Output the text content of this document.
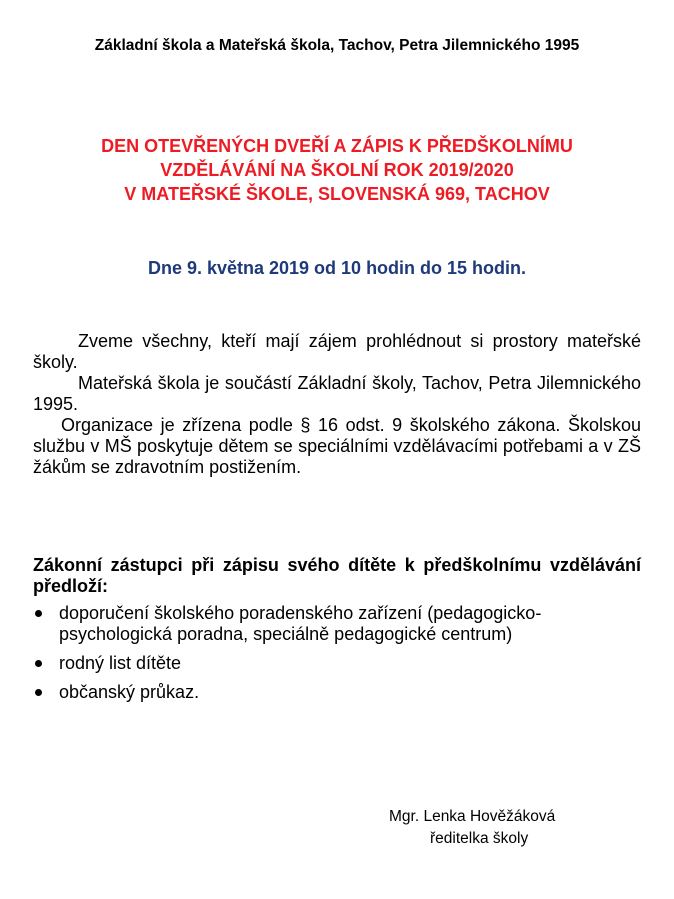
Základní škola a Mateřská škola, Tachov, Petra Jilemnického 1995
DEN OTEVŘENÝCH DVEŘÍ A ZÁPIS K PŘEDŠKOLNÍMU
VZDĚLÁVÁNÍ NA ŠKOLNÍ ROK 2019/2020
V MATEŘSKÉ ŠKOLE, SLOVENSKÁ 969, TACHOV
Dne 9. května 2019 od 10 hodin do 15 hodin.

Zveme všechny, kteří mají zájem prohlédnout si prostory mateřské školy.

Mateřská škola je součástí Základní školy, Tachov, Petra Jilemnického 1995.

Organizace je zřízena podle § 16 odst. 9 školského zákona. Školskou službu v MŠ poskytuje dětem se speciálními vzdělávacími potřebami a v ZŠ žákům se zdravotním postižením.

Zákonní zástupci při zápisu svého dítěte k předškolnímu vzdělávání předloží:
doporučení školského poradenského zařízení (pedagogicko-psychologická poradna, speciálně pedagogické centrum)
rodný list dítěte
občanský průkaz.
Mgr. Lenka Hověžáková
ředitelka školy
